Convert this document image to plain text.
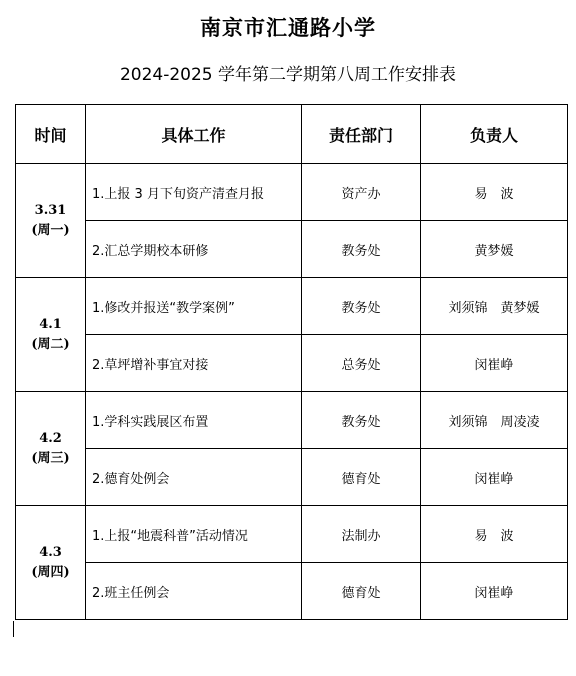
南京市汇通路小学
2024-2025 学年第二学期第八周工作安排表
时间	具体工作	责任部门	负责人

3.31
(周一)	1.上报 3 月下旬资产清查月报	资产办	易　波
	2.汇总学期校本研修	教务处	黄梦媛

4.1
(周二)	1.修改并报送“教学案例”	教务处	刘须锦　黄梦媛
	2.草坪增补事宜对接	总务处	闵崔峥

4.2
(周三)	1.学科实践展区布置	教务处	刘须锦　周凌凌
	2.德育处例会	德育处	闵崔峥

4.3
(周四)	1.上报“地震科普”活动情况	法制办	易　波
	2.班主任例会	德育处	闵崔峥
